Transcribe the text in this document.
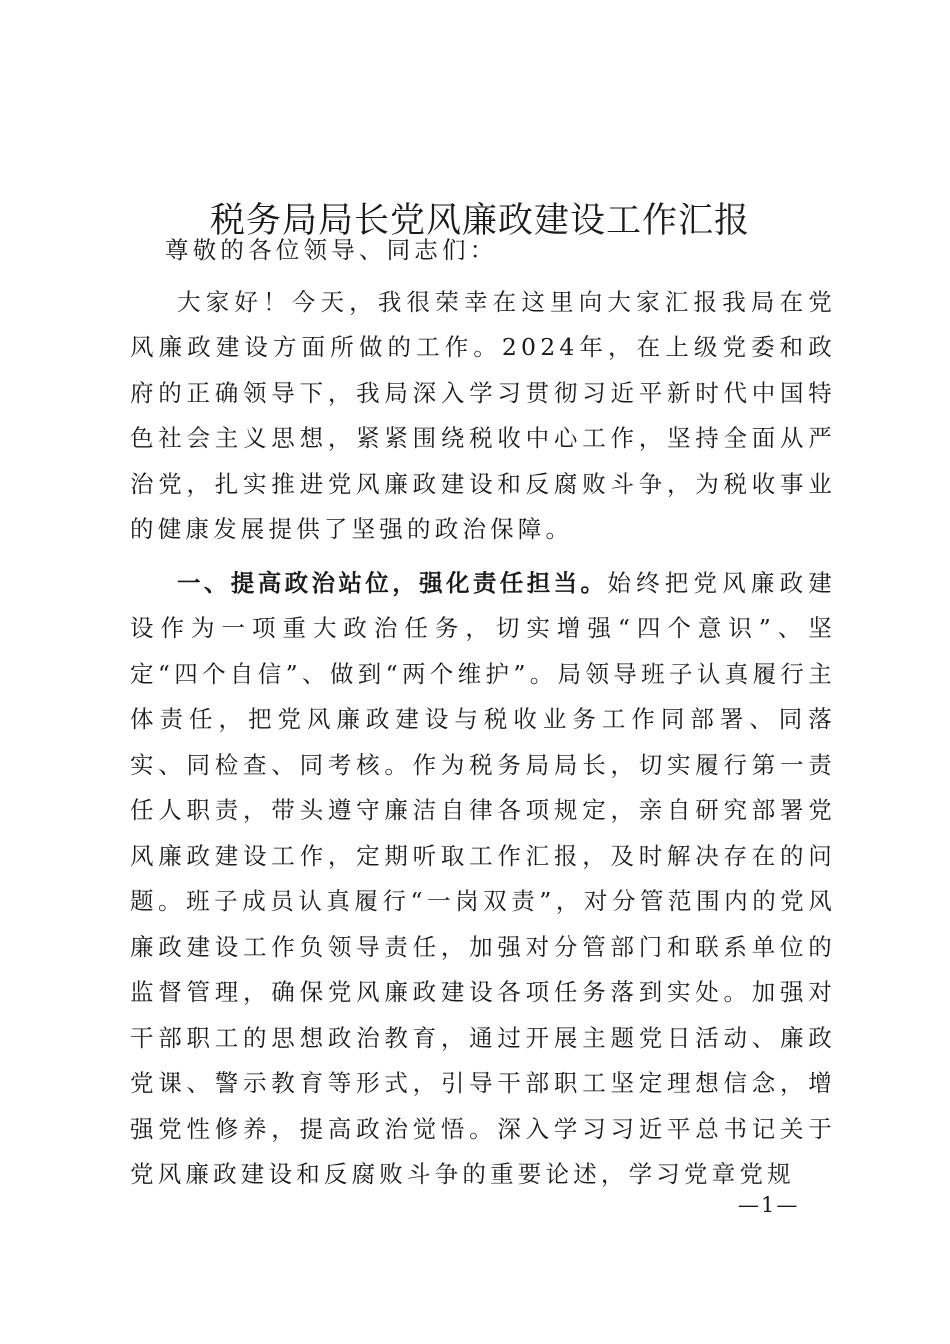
税务局局长党风廉政建设工作汇报

尊敬的各位领导、同志们：

大家好！今天，我很荣幸在这里向大家汇报我局在党风廉政建设方面所做的工作。2024年，在上级党委和政府的正确领导下，我局深入学习贯彻习近平新时代中国特色社会主义思想，紧紧围绕税收中心工作，坚持全面从严治党，扎实推进党风廉政建设和反腐败斗争，为税收事业的健康发展提供了坚强的政治保障。

一、提高政治站位，强化责任担当。始终把党风廉政建设作为一项重大政治任务，切实增强“四个意识”、坚定“四个自信”、做到“两个维护”。局领导班子认真履行主体责任，把党风廉政建设与税收业务工作同部署、同落实、同检查、同考核。作为税务局局长，切实履行第一责任人职责，带头遵守廉洁自律各项规定，亲自研究部署党风廉政建设工作，定期听取工作汇报，及时解决存在的问题。班子成员认真履行“一岗双责”，对分管范围内的党风廉政建设工作负领导责任，加强对分管部门和联系单位的监督管理，确保党风廉政建设各项任务落到实处。加强对干部职工的思想政治教育，通过开展主题党日活动、廉政党课、警示教育等形式，引导干部职工坚定理想信念，增强党性修养，提高政治觉悟。深入学习习近平总书记关于党风廉政建设和反腐败斗争的重要论述，学习党章党规

—1—
